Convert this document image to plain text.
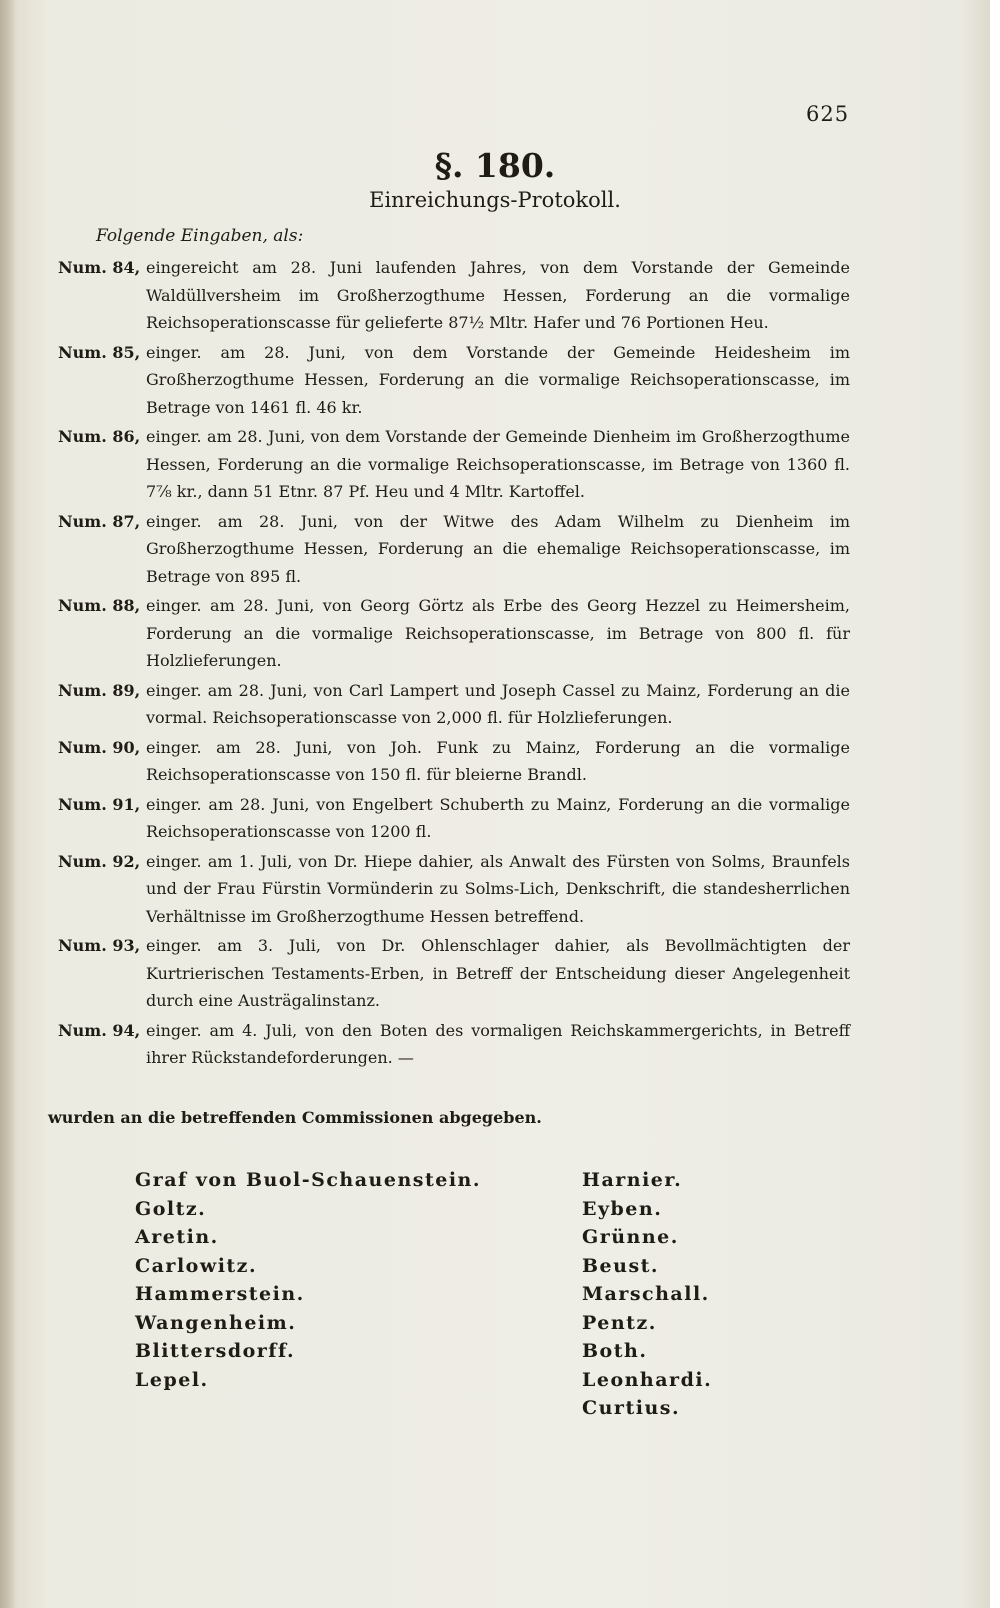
625
§. 180.
Einreichungs-Protokoll.
Folgende Eingaben, als:
Num. 84, eingereicht am 28. Juni laufenden Jahres, von dem Vorstande der Gemeinde Waldüllversheim im Großherzogthume Hessen, Forderung an die vormalige Reichsoperationscasse für gelieferte 87½ Mltr. Hafer und 76 Portionen Heu.
Num. 85, einger. am 28. Juni, von dem Vorstande der Gemeinde Heidesheim im Großherzogthume Hessen, Forderung an die vormalige Reichsoperationscasse, im Betrage von 1461 fl. 46 kr.
Num. 86, einger. am 28. Juni, von dem Vorstande der Gemeinde Dienheim im Großherzogthume Hessen, Forderung an die vormalige Reichsoperationscasse, im Betrage von 1360 fl. 7⅞ kr., dann 51 Etnr. 87 Pf. Heu und 4 Mltr. Kartoffel.
Num. 87, einger. am 28. Juni, von der Witwe des Adam Wilhelm zu Dienheim im Großherzogthume Hessen, Forderung an die ehemalige Reichsoperationscasse, im Betrage von 895 fl.
Num. 88, einger. am 28. Juni, von Georg Görtz als Erbe des Georg Hezzel zu Heimersheim, Forderung an die vormalige Reichsoperationscasse, im Betrage von 800 fl. für Holzlieferungen.
Num. 89, einger. am 28. Juni, von Carl Lampert und Joseph Cassel zu Mainz, Forderung an die vormal. Reichsoperationscasse von 2,000 fl. für Holzlieferungen.
Num. 90, einger. am 28. Juni, von Joh. Funk zu Mainz, Forderung an die vormalige Reichsoperationscasse von 150 fl. für bleierne Brandl.
Num. 91, einger. am 28. Juni, von Engelbert Schuberth zu Mainz, Forderung an die vormalige Reichsoperationscasse von 1200 fl.
Num. 92, einger. am 1. Juli, von Dr. Hiepe dahier, als Anwalt des Fürsten von Solms, Braunfels und der Frau Fürstin Vormünderin zu Solms-Lich, Denkschrift, die standesherrlichen Verhältnisse im Großherzogthume Hessen betreffend.
Num. 93, einger. am 3. Juli, von Dr. Ohlenschlager dahier, als Bevollmächtigten der Kurtrierischen Testaments-Erben, in Betreff der Entscheidung dieser Angelegenheit durch eine Austrägalinstanz.
Num. 94, einger. am 4. Juli, von den Boten des vormaligen Reichskammergerichts, in Betreff ihrer Rückstandeforderungen. —
wurden an die betreffenden Commissionen abgegeben.
Graf von Buol-Schauenstein.
Goltz.
Aretin.
Carlowitz.
Hammerstein.
Wangenheim.
Blittersdorff.
Lepel.
Harnier.
Eyben.
Grünne.
Beust.
Marschall.
Pentz.
Both.
Leonhardi.
Curtius.
